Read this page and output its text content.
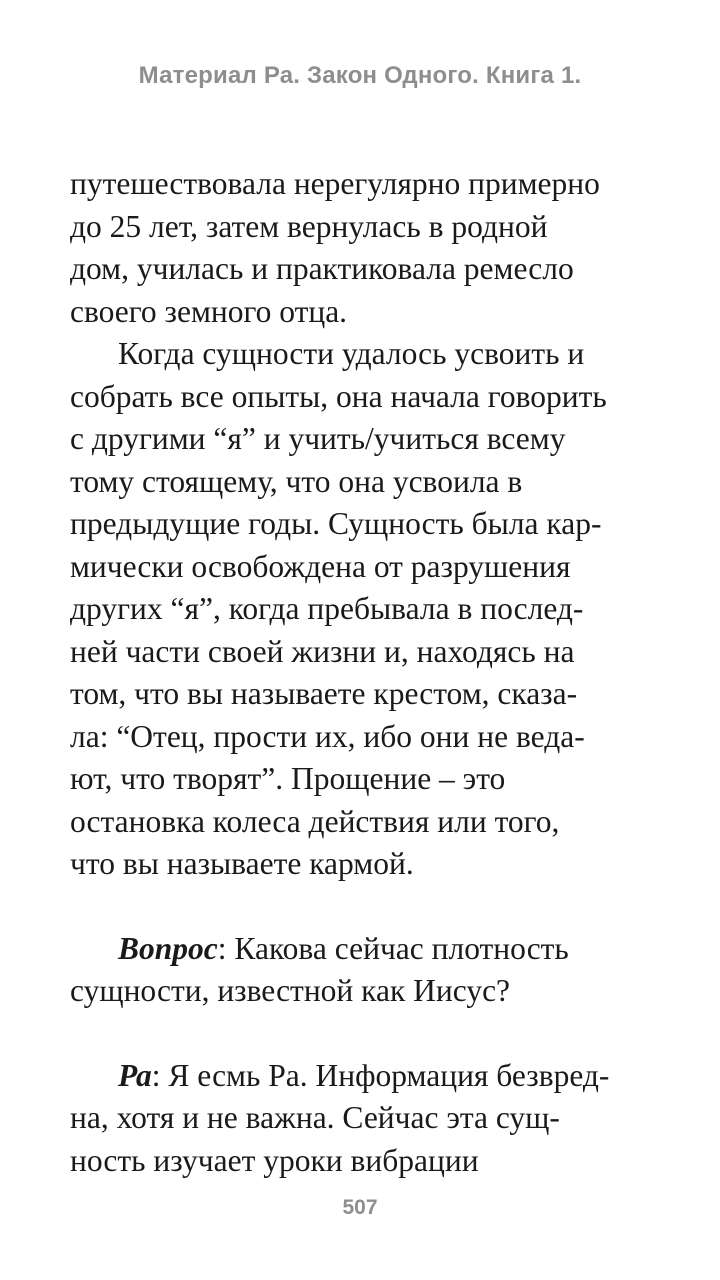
Материал Ра. Закон Одного. Книга 1.
путешествовала нерегулярно примерно
до 25 лет, затем вернулась в родной
дом, училась и практиковала ремесло
своего земного отца.
Когда сущности удалось усвоить и
собрать все опыты, она начала говорить
с другими “я” и учить/учиться всему
тому стоящему, что она усвоила в
предыдущие годы. Сущность была кар-
мически освобождена от разрушения
других “я”, когда пребывала в послед-
ней части своей жизни и, находясь на
том, что вы называете крестом, сказа-
ла: “Отец, прости их, ибо они не веда-
ют, что творят”. Прощение – это
остановка колеса действия или того,
что вы называете кармой.
Вопрос: Какова сейчас плотность
сущности, известной как Иисус?
Ра: Я есмь Ра. Информация безвред-
на, хотя и не важна. Сейчас эта сущ-
ность изучает уроки вибрации
507
